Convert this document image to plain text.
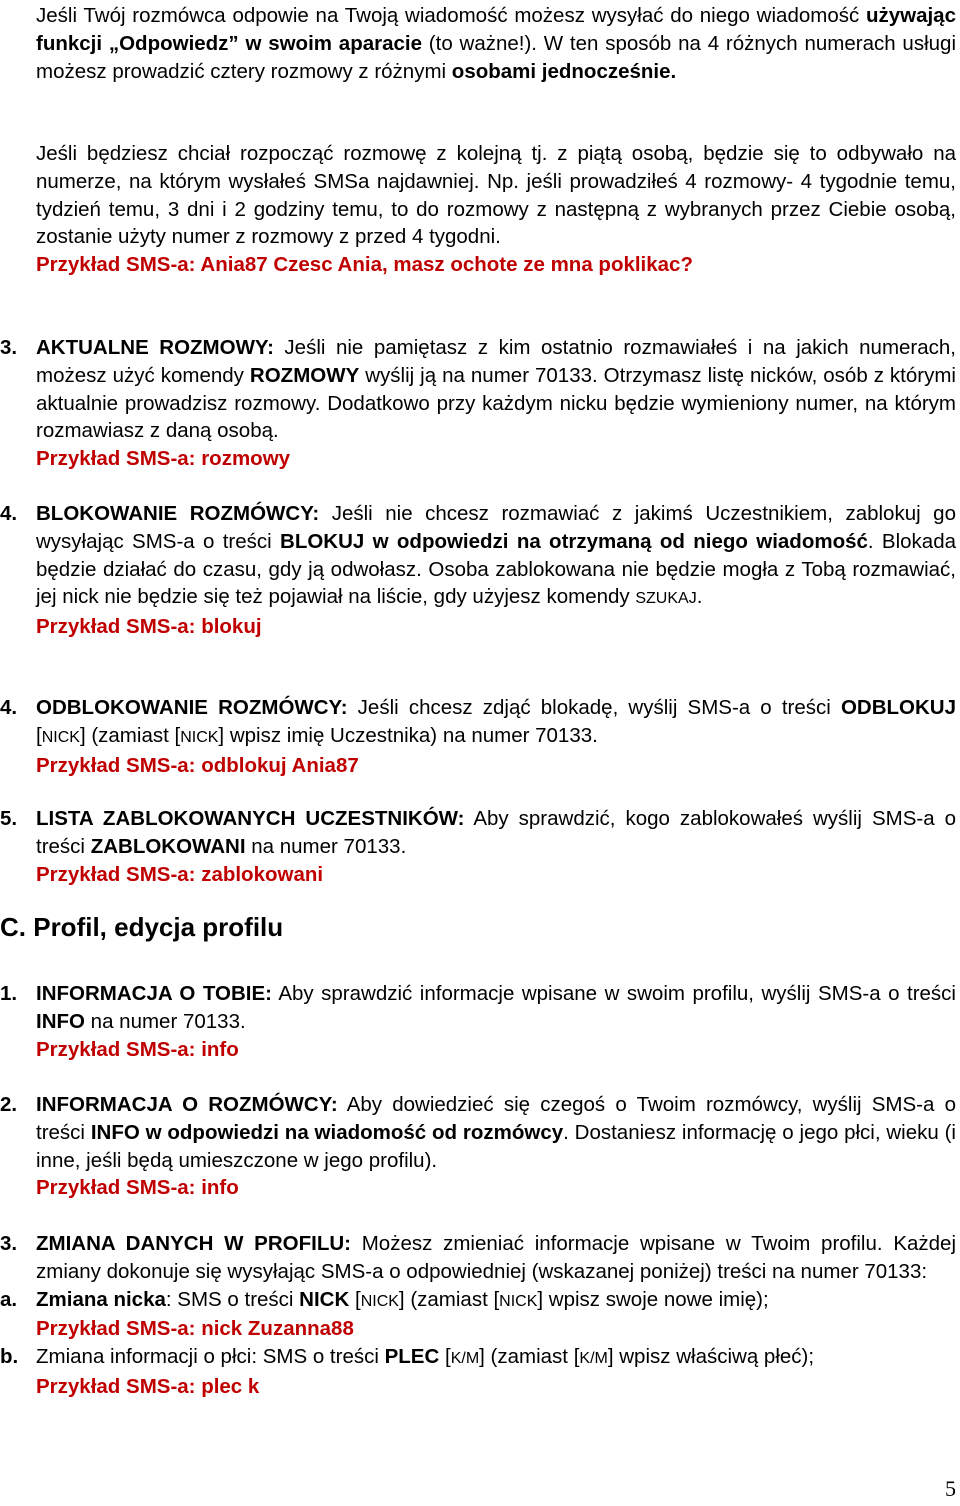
Jeśli Twój rozmówca odpowie na Twoją wiadomość możesz wysyłać do niego wiadomość używając funkcji „Odpowiedz” w swoim aparacie (to ważne!). W ten sposób na 4 różnych numerach usługi możesz prowadzić cztery rozmowy z różnymi osobami jednocześnie.

Jeśli będziesz chciał rozpocząć rozmowę z kolejną tj. z piątą osobą, będzie się to odbywało na numerze, na którym wysłałeś SMSa najdawniej. Np. jeśli prowadziłeś 4 rozmowy- 4 tygodnie temu, tydzień temu, 3 dni i 2 godziny temu, to do rozmowy z następną z wybranych przez Ciebie osobą, zostanie użyty numer z rozmowy z przed 4 tygodni.

Przykład SMS-a: Ania87 Czesc Ania, masz ochote ze mna poklikac?

3. AKTUALNE ROZMOWY: Jeśli nie pamiętasz z kim ostatnio rozmawiałeś i na jakich numerach, możesz użyć komendy ROZMOWY wyślij ją na numer 70133. Otrzymasz listę nicków, osób z którymi aktualnie prowadzisz rozmowy. Dodatkowo przy każdym nicku będzie wymieniony numer, na którym rozmawiasz z daną osobą.

Przykład SMS-a: rozmowy

4. BLOKOWANIE ROZMÓWCY: Jeśli nie chcesz rozmawiać z jakimś Uczestnikiem, zablokuj go wysyłając SMS-a o treści BLOKUJ w odpowiedzi na otrzymaną od niego wiadomość. Blokada będzie działać do czasu, gdy ją odwołasz. Osoba zablokowana nie będzie mogła z Tobą rozmawiać, jej nick nie będzie się też pojawiał na liście, gdy użyjesz komendy SZUKAJ.

Przykład SMS-a: blokuj

4. ODBLOKOWANIE ROZMÓWCY: Jeśli chcesz zdjąć blokadę, wyślij SMS-a o treści ODBLOKUJ [NICK] (zamiast [NICK] wpisz imię Uczestnika) na numer 70133.

Przykład SMS-a: odblokuj Ania87

5. LISTA ZABLOKOWANYCH UCZESTNIKÓW: Aby sprawdzić, kogo zablokowałeś wyślij SMS-a o treści ZABLOKOWANI na numer 70133.

Przykład SMS-a: zablokowani

C. Profil, edycja profilu

1. INFORMACJA O TOBIE: Aby sprawdzić informacje wpisane w swoim profilu, wyślij SMS-a o treści INFO na numer 70133.

Przykład SMS-a: info

2. INFORMACJA O ROZMÓWCY: Aby dowiedzieć się czegoś o Twoim rozmówcy, wyślij SMS-a o treści INFO w odpowiedzi na wiadomość od rozmówcy. Dostaniesz informację o jego płci, wieku (i inne, jeśli będą umieszczone w jego profilu).

Przykład SMS-a: info

3. ZMIANA DANYCH W PROFILU: Możesz zmieniać informacje wpisane w Twoim profilu. Każdej zmiany dokonuje się wysyłając SMS-a o odpowiedniej (wskazanej poniżej) treści na numer 70133:

a. Zmiana nicka: SMS o treści NICK [NICK] (zamiast [NICK] wpisz swoje nowe imię);

Przykład SMS-a: nick Zuzanna88

b. Zmiana informacji o płci: SMS o treści PLEC [K/M] (zamiast [K/M] wpisz właściwą płeć);

Przykład SMS-a: plec k

5
